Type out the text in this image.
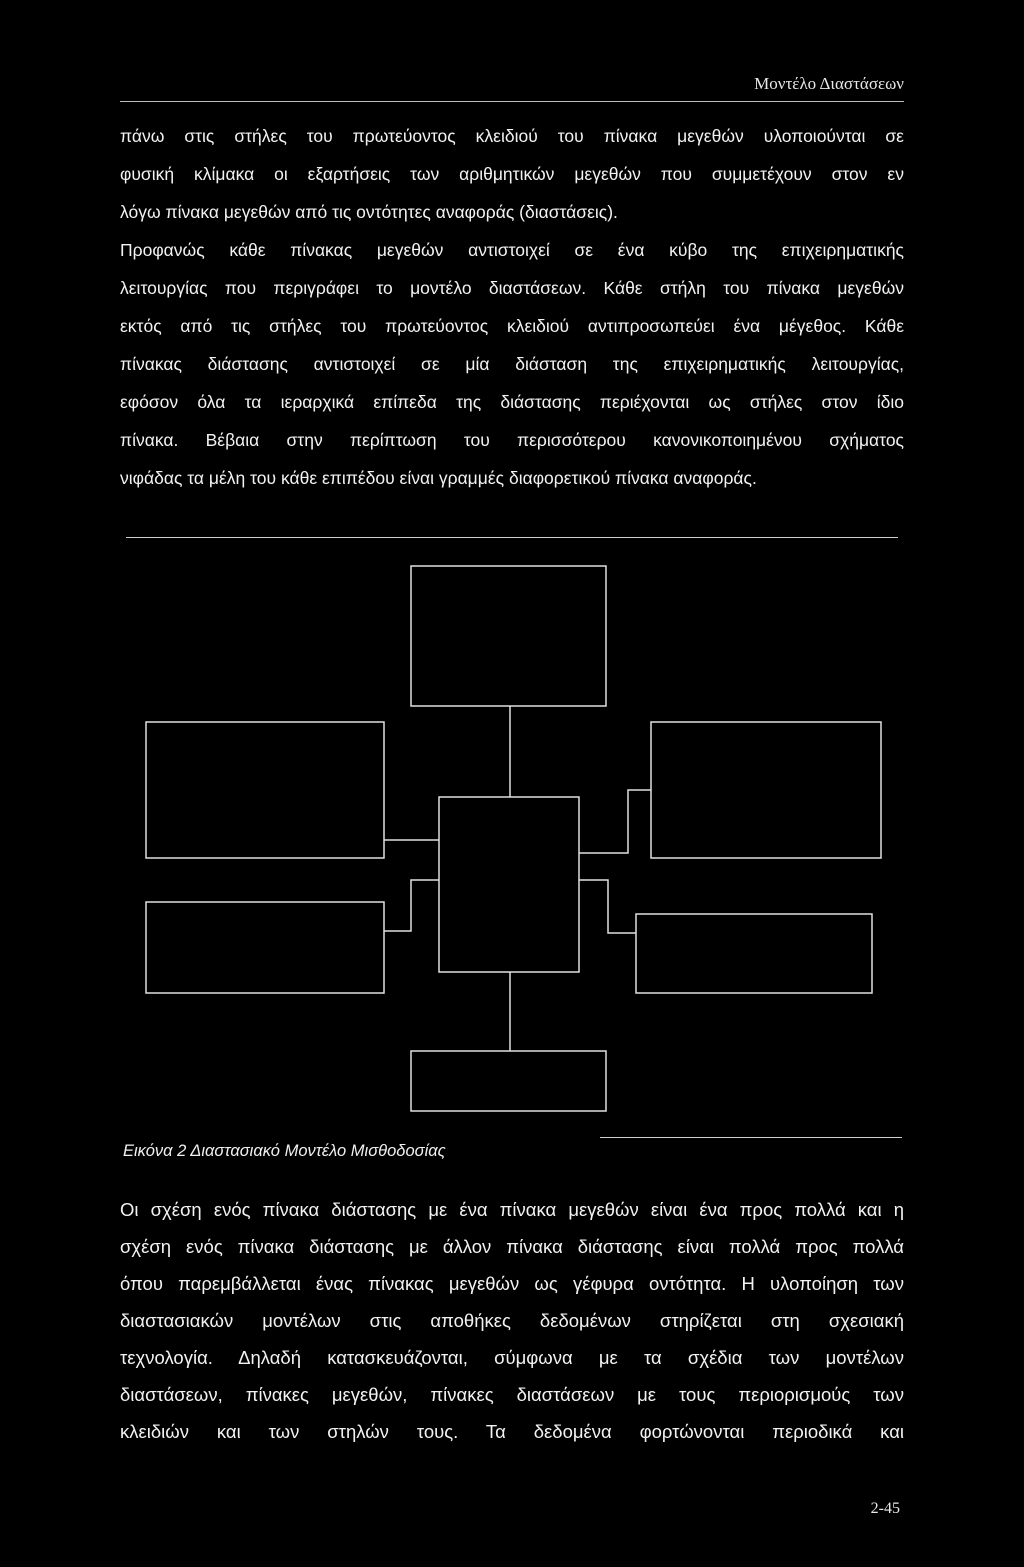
Μοντέλο Διαστάσεων
πάνω στις στήλες του πρωτεύοντος κλειδιού του πίνακα μεγεθών υλοποιούνται σε
φυσική κλίμακα οι εξαρτήσεις των αριθμητικών μεγεθών που συμμετέχουν στον εν
λόγω πίνακα μεγεθών από τις οντότητες αναφοράς (διαστάσεις).
Προφανώς κάθε πίνακας μεγεθών αντιστοιχεί σε ένα κύβο της επιχειρηματικής
λειτουργίας που περιγράφει το μοντέλο διαστάσεων. Κάθε στήλη του πίνακα μεγεθών
εκτός από τις στήλες του πρωτεύοντος κλειδιού αντιπροσωπεύει ένα μέγεθος. Κάθε
πίνακας διάστασης αντιστοιχεί σε μία διάσταση της επιχειρηματικής λειτουργίας,
εφόσον όλα τα ιεραρχικά επίπεδα της διάστασης περιέχονται ως στήλες στον ίδιο
πίνακα. Βέβαια στην περίπτωση του περισσότερου κανονικοποιημένου σχήματος
νιφάδας τα μέλη του κάθε επιπέδου είναι γραμμές διαφορετικού πίνακα αναφοράς.
Εικόνα 2 Διαστασιακό Μοντέλο Μισθοδοσίας
Οι σχέση ενός πίνακα διάστασης με ένα πίνακα μεγεθών είναι ένα προς πολλά και η
σχέση ενός πίνακα διάστασης με άλλον πίνακα διάστασης είναι πολλά προς πολλά
όπου παρεμβάλλεται ένας πίνακας μεγεθών ως γέφυρα οντότητα. Η υλοποίηση των
διαστασιακών μοντέλων στις αποθήκες δεδομένων στηρίζεται στη σχεσιακή
τεχνολογία. Δηλαδή κατασκευάζονται, σύμφωνα με τα σχέδια των μοντέλων
διαστάσεων, πίνακες μεγεθών, πίνακες διαστάσεων με τους περιορισμούς των
κλειδιών και των στηλών τους. Τα δεδομένα φορτώνονται περιοδικά και
2-45
